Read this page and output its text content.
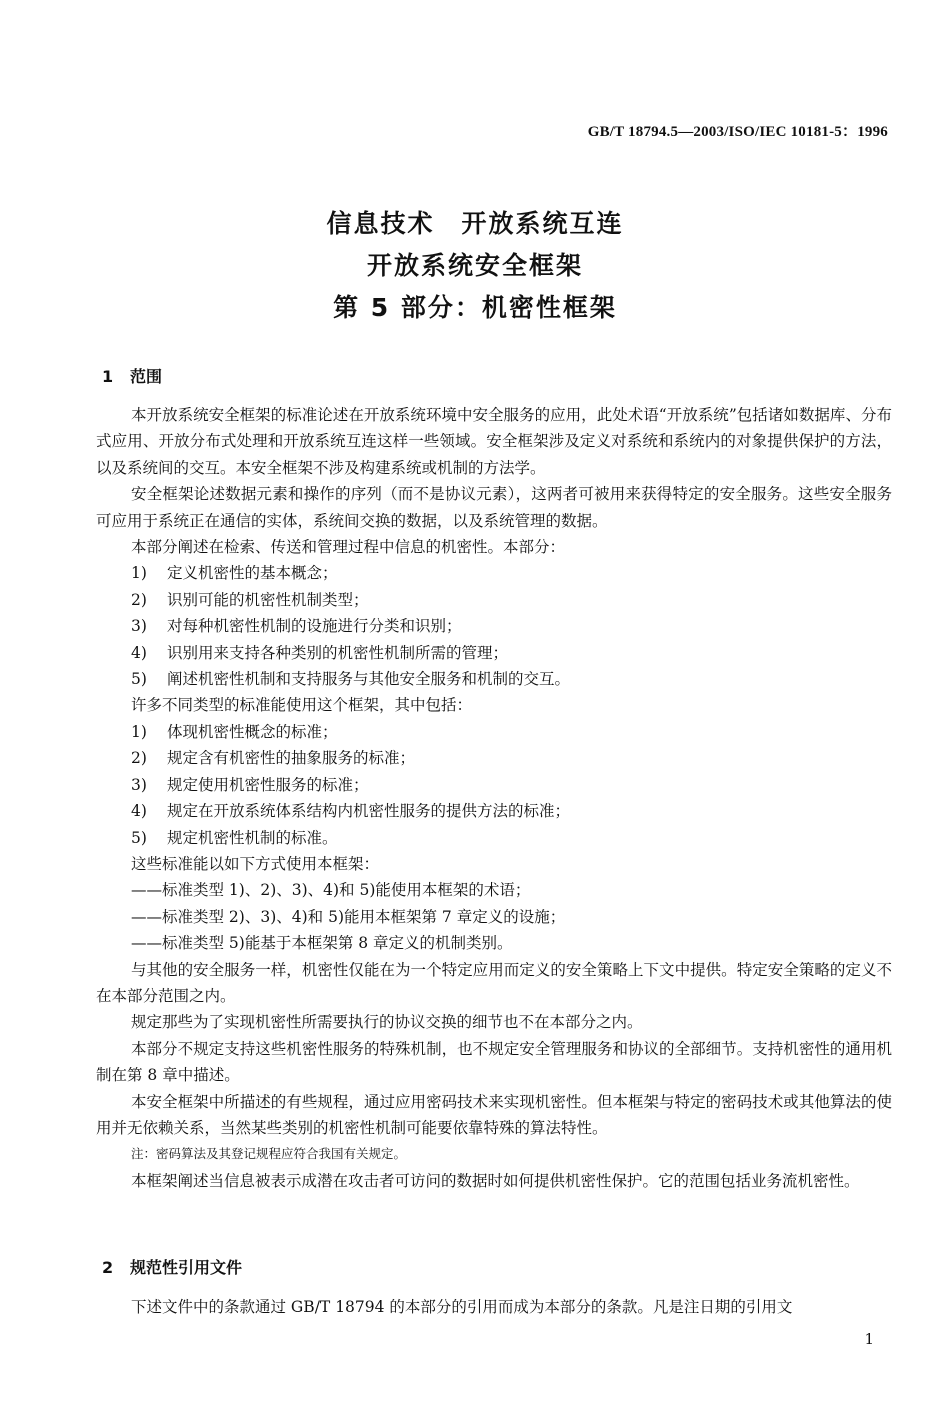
GB/T 18794.5—2003/ISO/IEC 10181-5：1996
信息技术　开放系统互连
开放系统安全框架
第 5 部分：机密性框架
1 范围

本开放系统安全框架的标准论述在开放系统环境中安全服务的应用，此处术语“开放系统”包括诸如数据库、分布式应用、开放分布式处理和开放系统互连这样一些领域。安全框架涉及定义对系统和系统内的对象提供保护的方法，以及系统间的交互。本安全框架不涉及构建系统或机制的方法学。

安全框架论述数据元素和操作的序列（而不是协议元素），这两者可被用来获得特定的安全服务。这些安全服务可应用于系统正在通信的实体，系统间交换的数据，以及系统管理的数据。

本部分阐述在检索、传送和管理过程中信息的机密性。本部分：

1) 定义机密性的基本概念；
2) 识别可能的机密性机制类型；
3) 对每种机密性机制的设施进行分类和识别；
4) 识别用来支持各种类别的机密性机制所需的管理；
5) 阐述机密性机制和支持服务与其他安全服务和机制的交互。

许多不同类型的标准能使用这个框架，其中包括：

1) 体现机密性概念的标准；
2) 规定含有机密性的抽象服务的标准；
3) 规定使用机密性服务的标准；
4) 规定在开放系统体系结构内机密性服务的提供方法的标准；
5) 规定机密性机制的标准。

这些标准能以如下方式使用本框架：

——标准类型 1)、2)、3)、4)和 5)能使用本框架的术语；
——标准类型 2)、3)、4)和 5)能用本框架第 7 章定义的设施；
——标准类型 5)能基于本框架第 8 章定义的机制类别。

与其他的安全服务一样，机密性仅能在为一个特定应用而定义的安全策略上下文中提供。特定安全策略的定义不在本部分范围之内。

规定那些为了实现机密性所需要执行的协议交换的细节也不在本部分之内。

本部分不规定支持这些机密性服务的特殊机制，也不规定安全管理服务和协议的全部细节。支持机密性的通用机制在第 8 章中描述。

本安全框架中所描述的有些规程，通过应用密码技术来实现机密性。但本框架与特定的密码技术或其他算法的使用并无依赖关系，当然某些类别的机密性机制可能要依靠特殊的算法特性。

注：密码算法及其登记规程应符合我国有关规定。

本框架阐述当信息被表示成潜在攻击者可访问的数据时如何提供机密性保护。它的范围包括业务流机密性。

2 规范性引用文件

下述文件中的条款通过 GB/T 18794 的本部分的引用而成为本部分的条款。凡是注日期的引用文

1
